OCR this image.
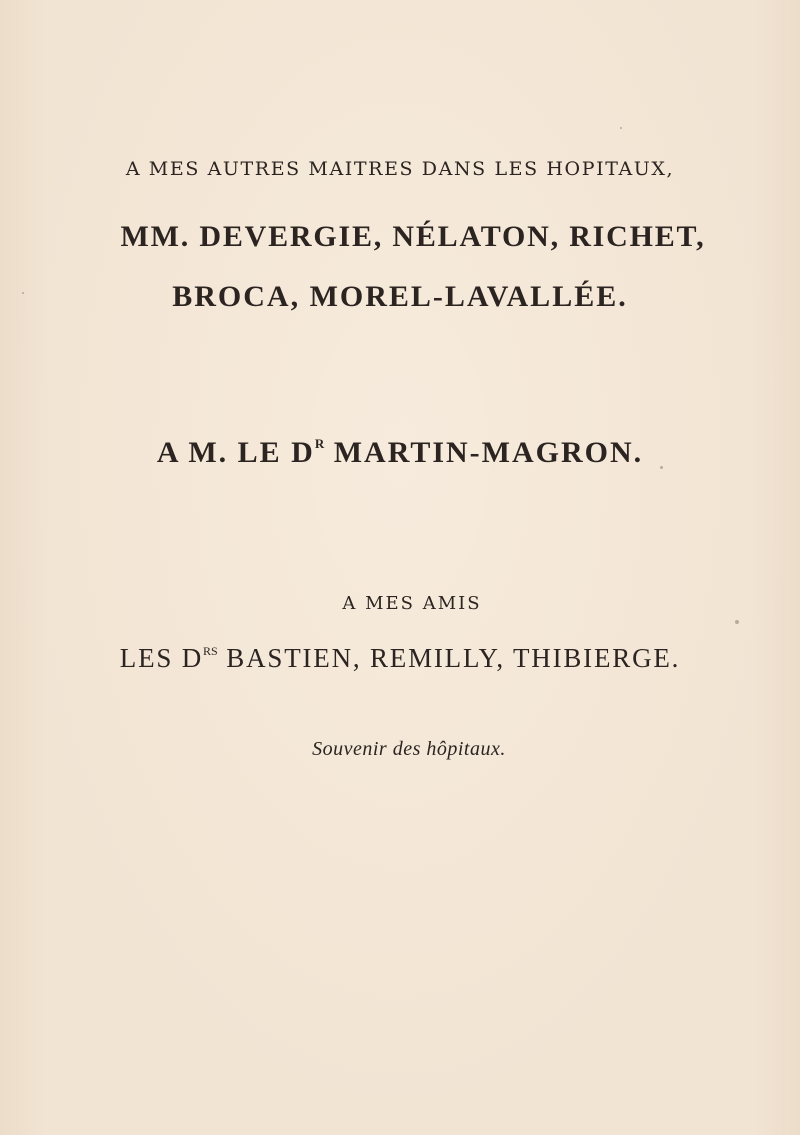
A MES AUTRES MAITRES DANS LES HOPITAUX,
MM. DEVERGIE, NÉLATON, RICHET,
BROCA, MOREL-LAVALLÉE.
A M. LE $D^R$ MARTIN-MAGRON.
A MES AMIS
LES $D^{RS}$ BASTIEN, REMILLY, THIBIERGE.
Souvenir des hôpitaux.
